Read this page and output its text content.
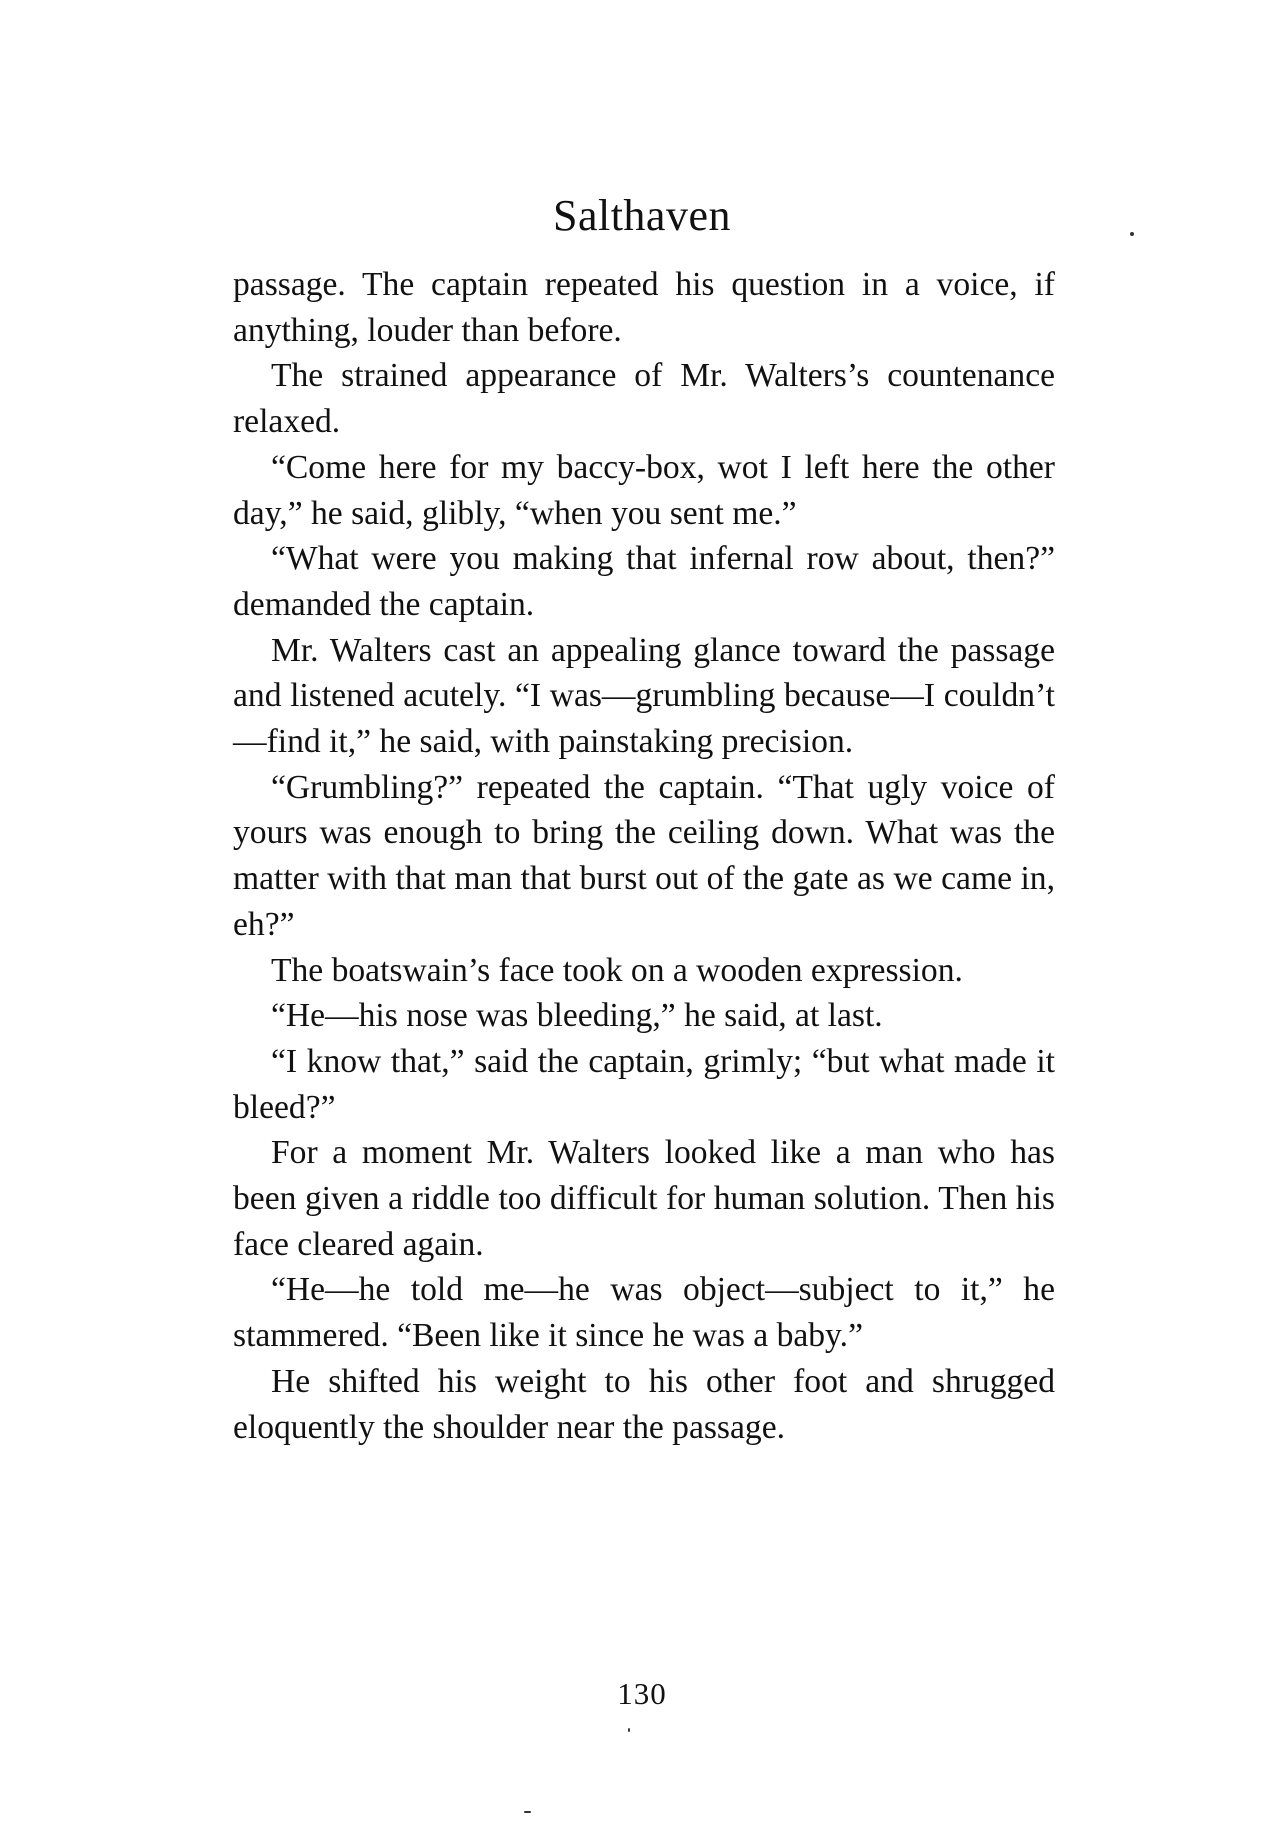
Salthaven

passage. The captain repeated his question in a voice, if anything, louder than before.

The strained appearance of Mr. Walters’s countenance relaxed.

“Come here for my baccy-box, wot I left here the other day,” he said, glibly, “when you sent me.”

“What were you making that infernal row about, then?” demanded the captain.

Mr. Walters cast an appealing glance toward the passage and listened acutely. “I was—grumbling because—I couldn’t—find it,” he said, with painstaking precision.

“Grumbling?” repeated the captain. “That ugly voice of yours was enough to bring the ceiling down. What was the matter with that man that burst out of the gate as we came in, eh?”

The boatswain’s face took on a wooden expression.

“He—his nose was bleeding,” he said, at last.

“I know that,” said the captain, grimly; “but what made it bleed?”

For a moment Mr. Walters looked like a man who has been given a riddle too difficult for human solution. Then his face cleared again.

“He—he told me—he was object—subject to it,” he stammered. “Been like it since he was a baby.”

He shifted his weight to his other foot and shrugged eloquently the shoulder near the passage.

130
